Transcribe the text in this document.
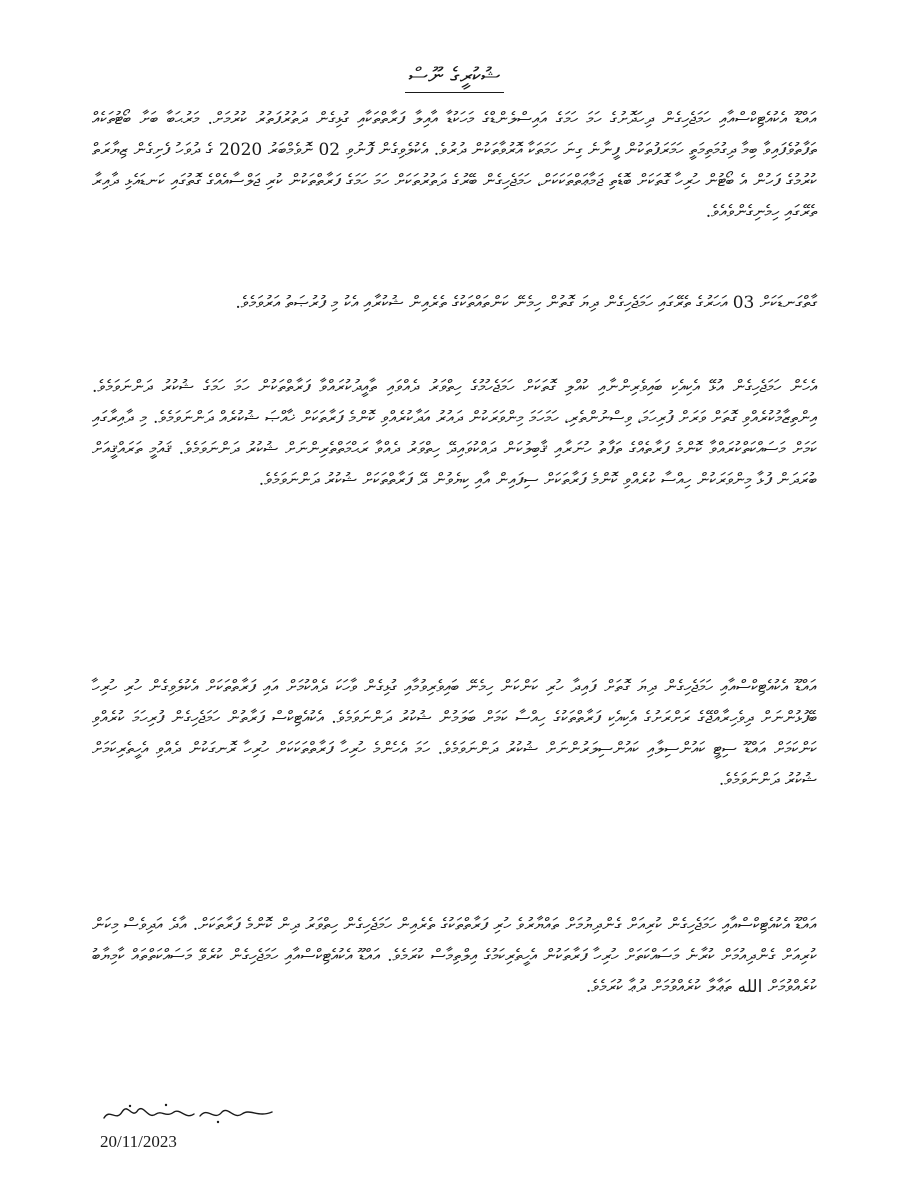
ޝުކުރީގެ ނޫސް

އައްޑޫ އެކުއެޓިކްސްއާއި ހަމަޖެހިގެން ދިހަދޮށުގެ ހަމަ ހަމަގެ އައިސްލެންޑްގެ މަހަކުޑާ އާއިލާ ފަރާތްތަކާއި ގުޅިގެން ދަތުރުފަތުރު ކުރުމަށް. މަރުޙަބާ ބަށާ ބޯޓުތަކެއް ތަފާތުވެފައިވާ ބިމާ ދިގުމަތިމަތީ ހަމަރަފުތަކުން ފީނާނެ ގިނަ ހަމަތަކާ އޮރުވާތަކުން ދުރުވެ. އެކުލެވިގެން ފޮނުވި 02 ނޮވެމްބަރު 2020 ގެ ދުވަހު ފެށިގެން ޒިޔާރަތް ކުރުމުގެ ފަހުން އެ ބޯޓުން ހުރިހާ ގޮތަކަށް ބޮޑެތި ޖަމާޢަތްތަކަކަށް، ހަމަޖެހިގެން ބޭރުގެ ދަތުރުތަކަށް ހަމަ ހަމަގެ ފަރާތްތަކުން ކުރި ޖަލްސާއެއްގެ ގޮތުގައި ކަނޑައެޅި ދާއިރާ ތެރޭގައި ހިމެނިގެންވެއެވެ.

ގާތްގަނޑަކަށް 03 އަހަރުގެ ތެރޭގައި ހަމަޖެހިގެން ދިޔަ ގޮތުން ހިމެނޭ ކަންތައްތަކުގެ ތެރެއިން ޝުކުރާއި އެކު މި ފުރުޞަތު އަރުވަމެވެ.

އެހެން ހަމަޖެހިގެން އުޅޭ އެކިއެކި ބައިވެރިންނާއި ކުއްލި ގޮތަކަށް ހަމަޖެހުމުގެ ހިތްވަރު ދެއްވައި ތާއީދުކުރައްވާ ފަރާތްތަކުން ހަމަ ހަމަގެ ޝުކުރު ދަންނަވަމެވެ. އިންތިޒާމުކުރެއްވި ގޮތަށް ވަރަށް ފުރިހަމަ، ވިސްނުންތެރި، ހަމަހަމަ މިންވަރަކުން ދައުރު އަދާކުރެއްވި ކޮންމެ ފަރާތަކަށް ޚާއްޞަ ޝުކުރެއް ދަންނަވަމެވެ. މި ދާއިރާގައި ކަމަށް މަސައްކަތްކުރައްވާ ކޮންމެ ފަރާތެއްގެ ތަފާތު ހުނަރާއި ޤާބިލުކަން ދައްކުވައިދޭ ހިތްވަރު ދެއްވާ ރަޙްމަތްތެރިންނަށް ޝުކުރު ދަންނަވަމެވެ. ޤައުމީ ތަރައްޤީއަށް ބުރަދަން ފުޅާ މިންވަރަކުން ހިއްސާ ކުރެއްވި ކޮންމެ ފަރާތަކަށް ސިފައިން އާއި ކިޔެވުން ދޭ ފަރާތްތަކަށް ޝުކުރު ދަންނަވަމެވެ.

އައްޑޫ އެކުއެޓިކްސްއާއި ހަމަޖެހިގެން ދިޔަ ގޮތަށް ފައިދާ ހުރި ކަންކަން ހިމެނޭ ބައިވެރިވުމާއި ގުޅިގެން ވާހަކަ ދެއްކުމަށް އައި ފަރާތްތަކަށް އެކުލެވިގެން ހުރި ހުރިހާ ބޭފުޅުންނަށް ދިވެހިރާއްޖޭގެ ރަށްރަށުގެ އެކިއެކި ފަރާތްތަކުގެ ހިއްސާ ކަމަށް ބަލަމުން ޝުކުރު ދަންނަވަމެވެ. އެކުއެޓިކްސް ފަރާތުން ހަމަޖެހިގެން ފުރިހަމަ ކުރެއްވި ކަންކަމަށް އައްޑޫ ސިޓީ ކައުންސިލާއި ކައުންސިލަރުންނަށް ޝުކުރު ދަންނަވަމެވެ. ހަމަ އެހެންމެ ހުރިހާ ފަރާތްތަކަކަށް ހުރިހާ ރޮނގަކުން ދެއްވި އެހީތެރިކަމަށް ޝުކުރު ދަންނަވަމެވެ.

އައްޑޫ އެކުއެޓިކްސްއާއި ހަމަޖެހިގެން ކުރިއަށް ގެންދިޔުމަށް ތައްޔާރުވެ ހުރި ފަރާތްތަކުގެ ތެރެއިން ހަމަޖެހިގެން ހިތްވަރު ދިން ކޮންމެ ފަރާތަކަށް. އާދެ އަދިވެސް މިކަން ކުރިއަށް ގެންދިއުމަށް ކުރާނެ މަސައްކަތަށް ހުރިހާ ފަރާތަކުން އެހީތެރިކަމުގެ އިލްތިމާސް ކުރަމެވެ. އައްޑޫ އެކުއެޓިކްސްއާއި ހަމަޖެހިގެން ކުރެވޭ މަސައްކަތްތައް ކާމިޔާބު ކުރެއްވުމަށް الله ތަޢާލާ ކުރެއްވުމަށް ދުޢާ ކުރަމެވެ.

20/11/2023
